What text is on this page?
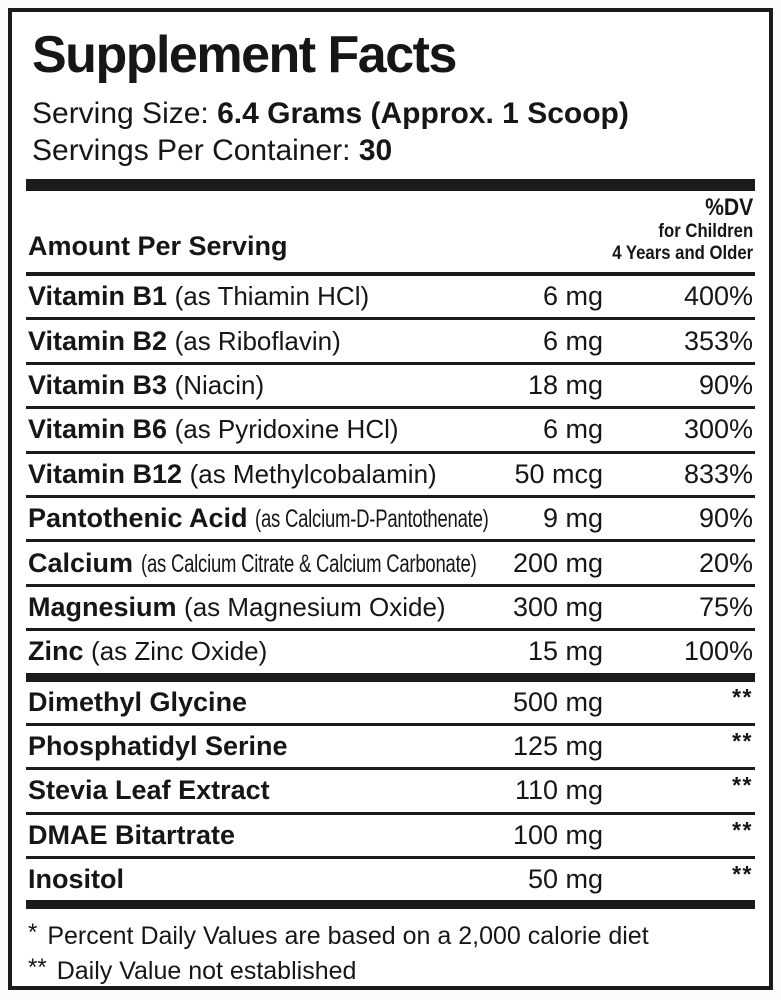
Supplement Facts
Serving Size: 6.4 Grams (Approx. 1 Scoop)
Servings Per Container: 30
Amount Per Serving
%DV
for Children
4 Years and Older
Vitamin B1 (as Thiamin HCl)	6 mg	400%
Vitamin B2 (as Riboflavin)	6 mg	353%
Vitamin B3 (Niacin)	18 mg	90%
Vitamin B6 (as Pyridoxine HCl)	6 mg	300%
Vitamin B12 (as Methylcobalamin)	50 mcg	833%
Pantothenic Acid (as Calcium-D-Pantothenate)	9 mg	90%
Calcium (as Calcium Citrate & Calcium Carbonate)	200 mg	20%
Magnesium (as Magnesium Oxide)	300 mg	75%
Zinc (as Zinc Oxide)	15 mg	100%
Dimethyl Glycine	500 mg	**
Phosphatidyl Serine	125 mg	**
Stevia Leaf Extract	110 mg	**
DMAE Bitartrate	100 mg	**
Inositol	50 mg	**
* Percent Daily Values are based on a 2,000 calorie diet
** Daily Value not established
